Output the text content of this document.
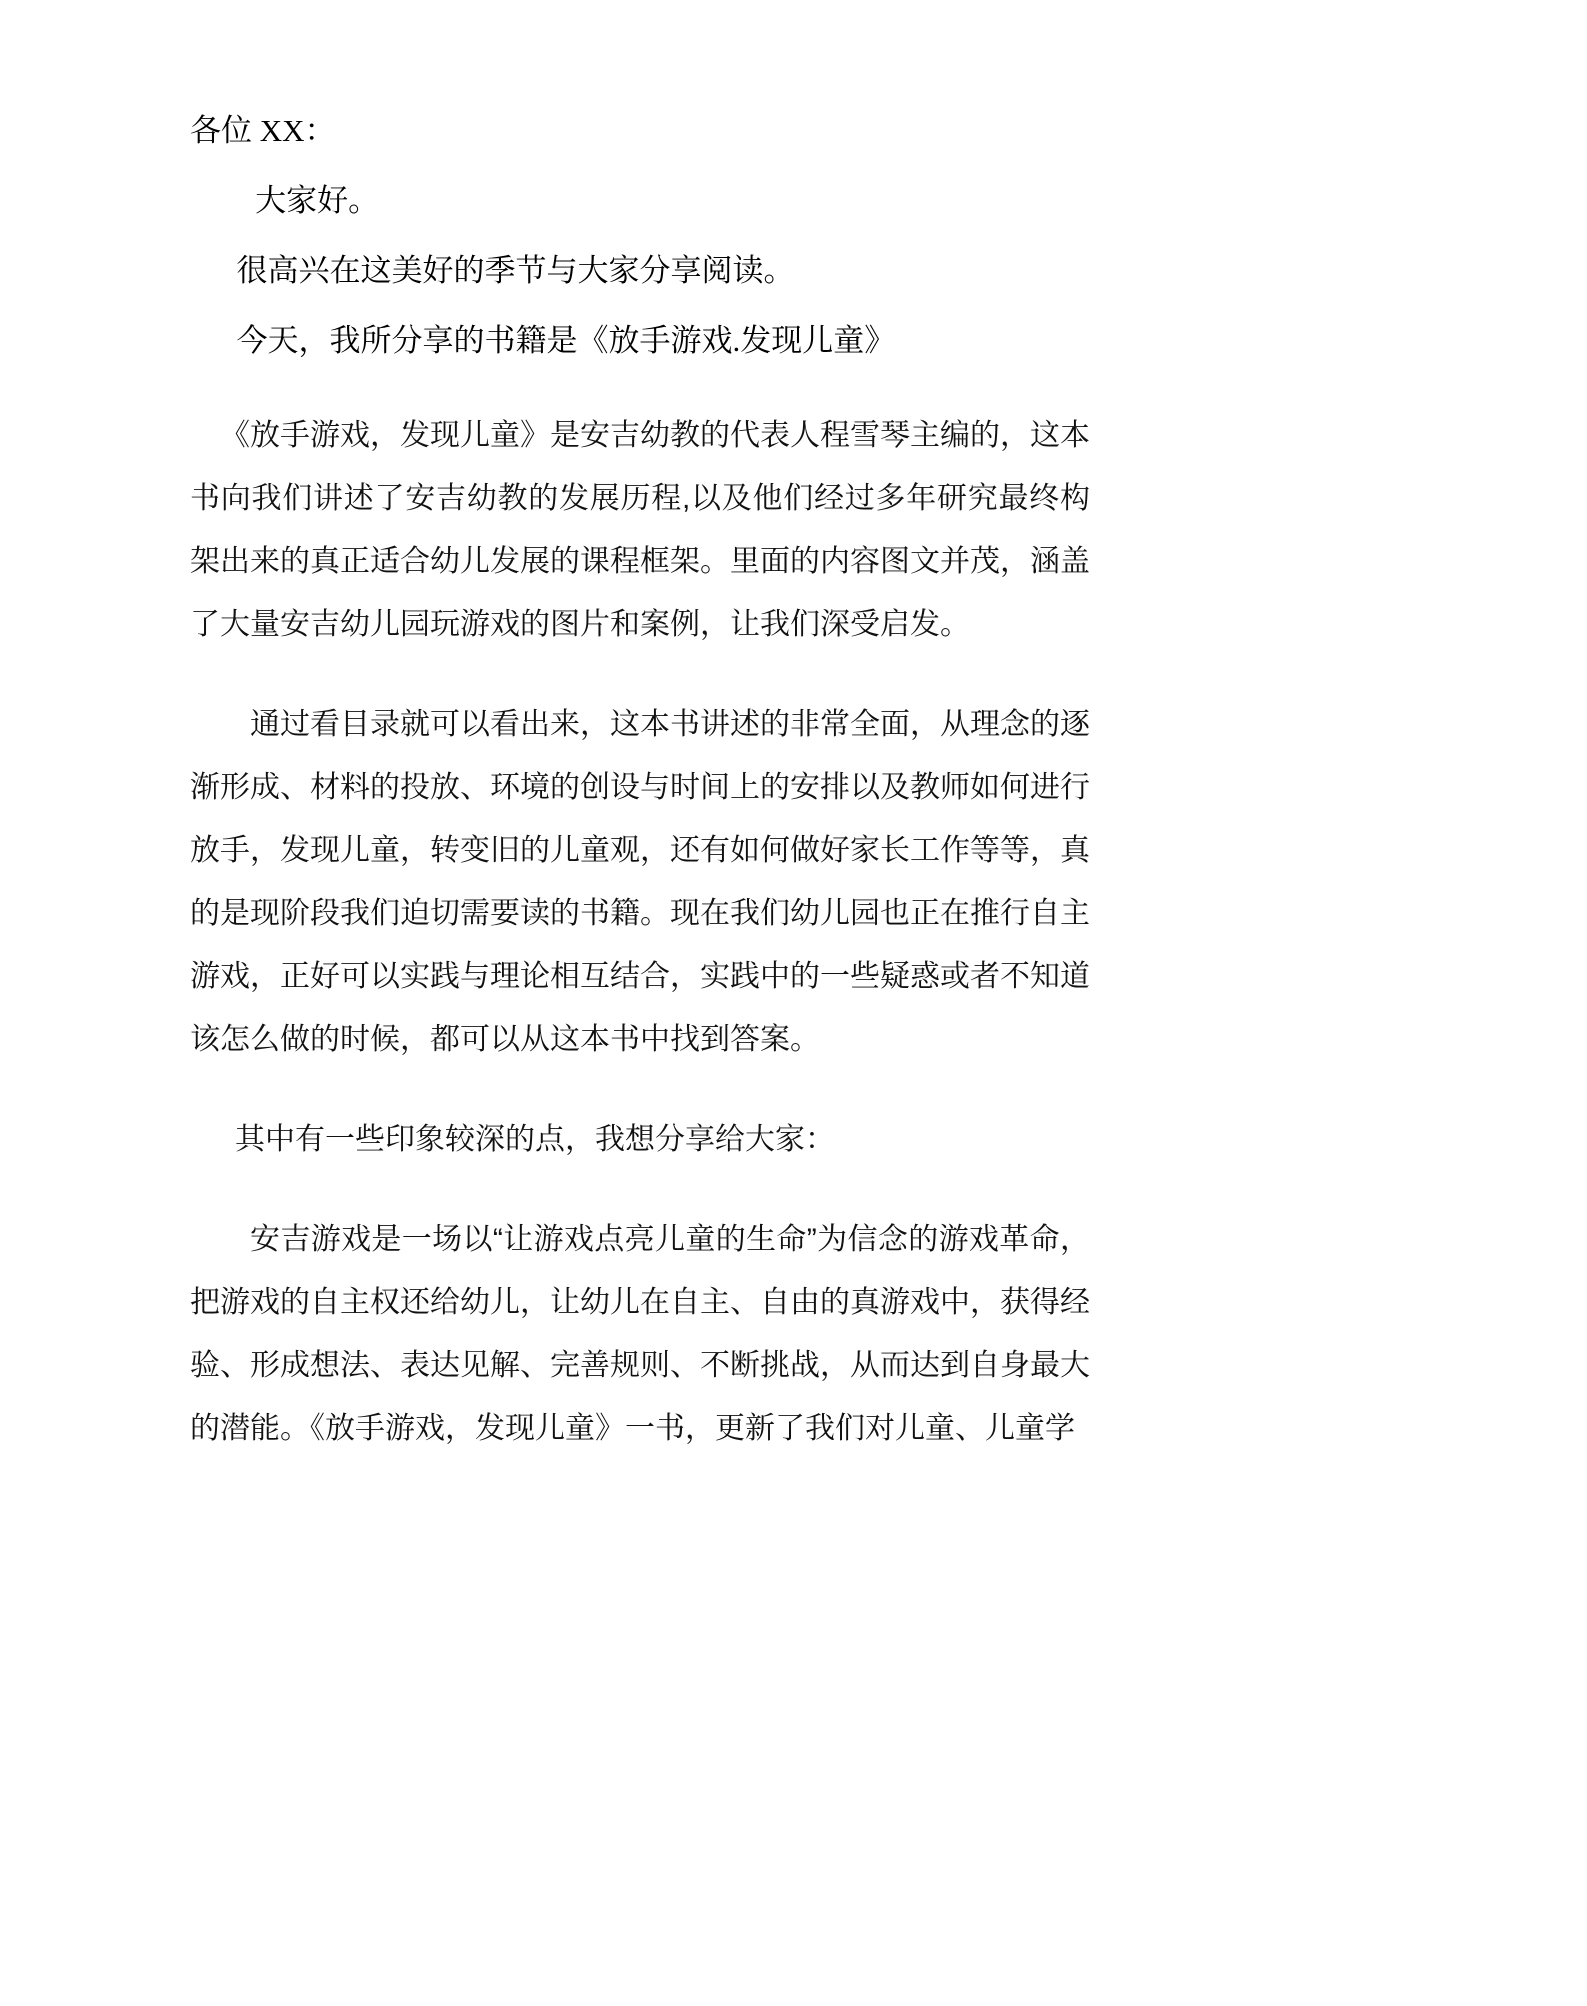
各位 XX：

大家好。

很高兴在这美好的季节与大家分享阅读。

今天，我所分享的书籍是《放手游戏.发现儿童》

《放手游戏，发现儿童》是安吉幼教的代表人程雪琴主编的，这本书向我们讲述了安吉幼教的发展历程,以及他们经过多年研究最终构架出来的真正适合幼儿发展的课程框架。里面的内容图文并茂，涵盖了大量安吉幼儿园玩游戏的图片和案例，让我们深受启发。

通过看目录就可以看出来，这本书讲述的非常全面，从理念的逐渐形成、材料的投放、环境的创设与时间上的安排以及教师如何进行放手，发现儿童，转变旧的儿童观，还有如何做好家长工作等等，真的是现阶段我们迫切需要读的书籍。现在我们幼儿园也正在推行自主游戏，正好可以实践与理论相互结合，实践中的一些疑惑或者不知道该怎么做的时候，都可以从这本书中找到答案。

其中有一些印象较深的点，我想分享给大家：

安吉游戏是一场以“让游戏点亮儿童的生命”为信念的游戏革命，把游戏的自主权还给幼儿，让幼儿在自主、自由的真游戏中，获得经验、形成想法、表达见解、完善规则、不断挑战，从而达到自身最大的潜能。《放手游戏，发现儿童》一书，更新了我们对儿童、儿童学
